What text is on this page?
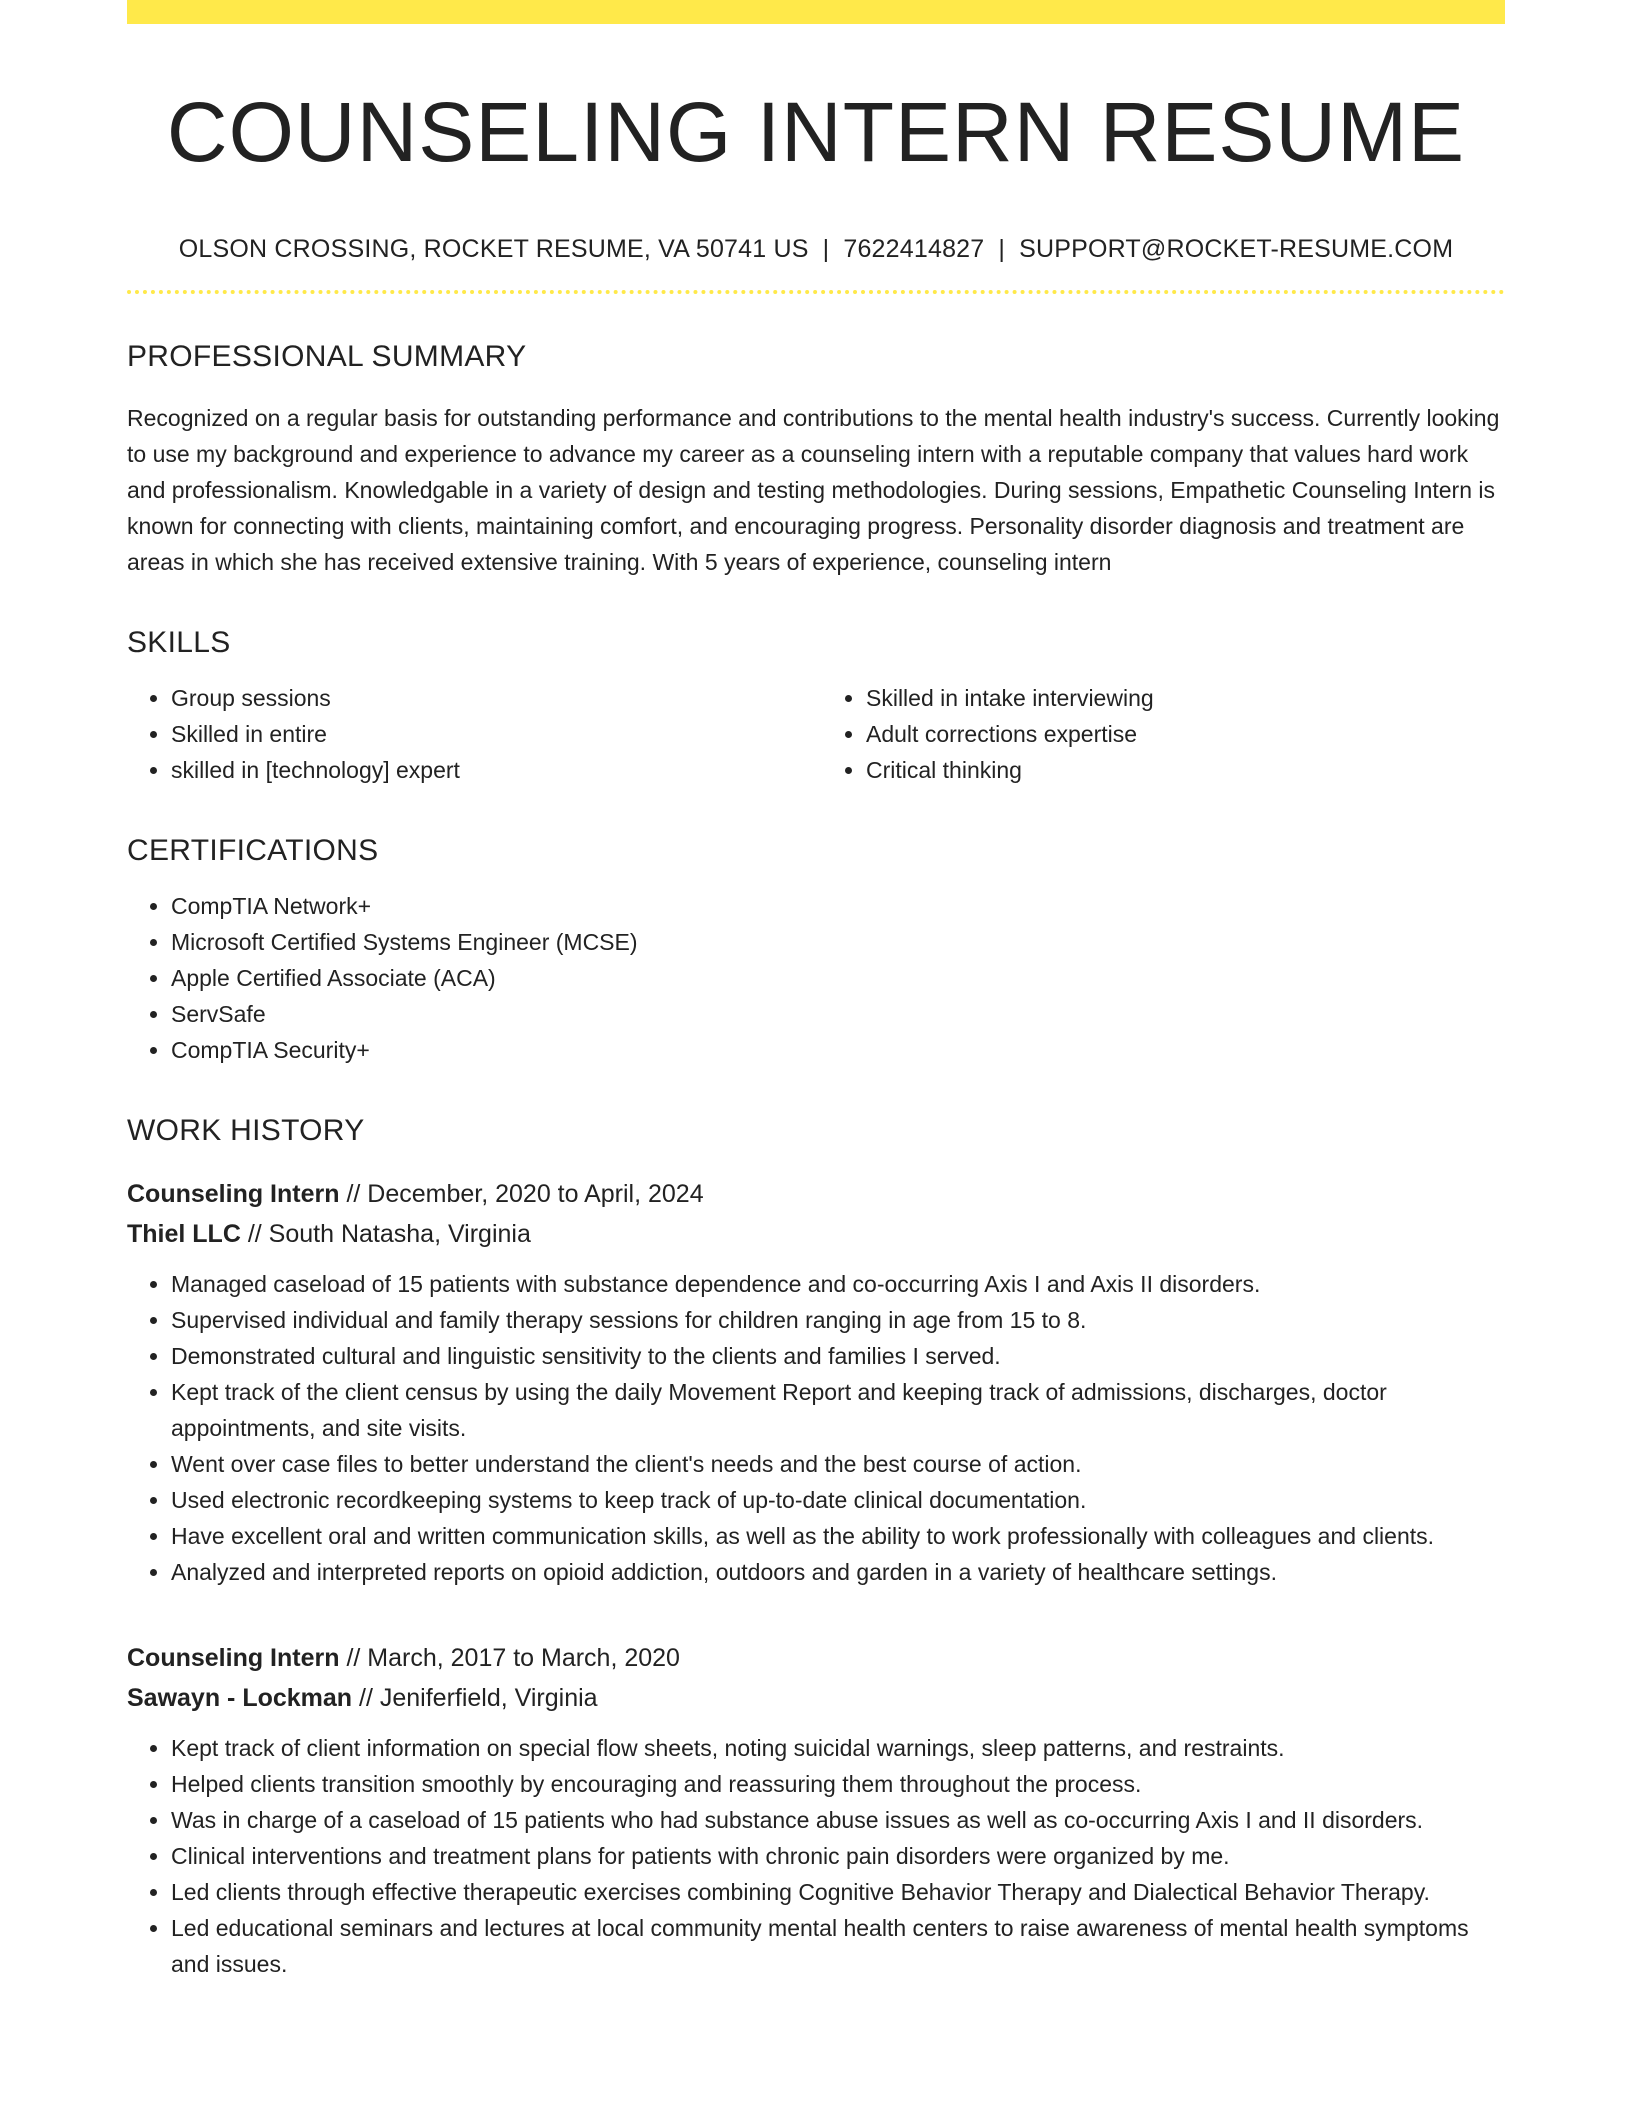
COUNSELING INTERN RESUME
OLSON CROSSING, ROCKET RESUME, VA 50741 US | 7622414827 | SUPPORT@ROCKET-RESUME.COM
PROFESSIONAL SUMMARY

Recognized on a regular basis for outstanding performance and contributions to the mental health industry's success. Currently looking to use my background and experience to advance my career as a counseling intern with a reputable company that values hard work and professionalism. Knowledgable in a variety of design and testing methodologies. During sessions, Empathetic Counseling Intern is known for connecting with clients, maintaining comfort, and encouraging progress. Personality disorder diagnosis and treatment are areas in which she has received extensive training. With 5 years of experience, counseling intern

SKILLS
• Group sessions
• Skilled in entire
• skilled in [technology] expert
• Skilled in intake interviewing
• Adult corrections expertise
• Critical thinking
CERTIFICATIONS
• CompTIA Network+
• Microsoft Certified Systems Engineer (MCSE)
• Apple Certified Associate (ACA)
• ServSafe
• CompTIA Security+
WORK HISTORY
Counseling Intern // December, 2020 to April, 2024
Thiel LLC // South Natasha, Virginia
• Managed caseload of 15 patients with substance dependence and co-occurring Axis I and Axis II disorders.
• Supervised individual and family therapy sessions for children ranging in age from 15 to 8.
• Demonstrated cultural and linguistic sensitivity to the clients and families I served.
• Kept track of the client census by using the daily Movement Report and keeping track of admissions, discharges, doctor appointments, and site visits.
• Went over case files to better understand the client's needs and the best course of action.
• Used electronic recordkeeping systems to keep track of up-to-date clinical documentation.
• Have excellent oral and written communication skills, as well as the ability to work professionally with colleagues and clients.
• Analyzed and interpreted reports on opioid addiction, outdoors and garden in a variety of healthcare settings.
Counseling Intern // March, 2017 to March, 2020
Sawayn - Lockman // Jeniferfield, Virginia
• Kept track of client information on special flow sheets, noting suicidal warnings, sleep patterns, and restraints.
• Helped clients transition smoothly by encouraging and reassuring them throughout the process.
• Was in charge of a caseload of 15 patients who had substance abuse issues as well as co-occurring Axis I and II disorders.
• Clinical interventions and treatment plans for patients with chronic pain disorders were organized by me.
• Led clients through effective therapeutic exercises combining Cognitive Behavior Therapy and Dialectical Behavior Therapy.
• Led educational seminars and lectures at local community mental health centers to raise awareness of mental health symptoms and issues.
